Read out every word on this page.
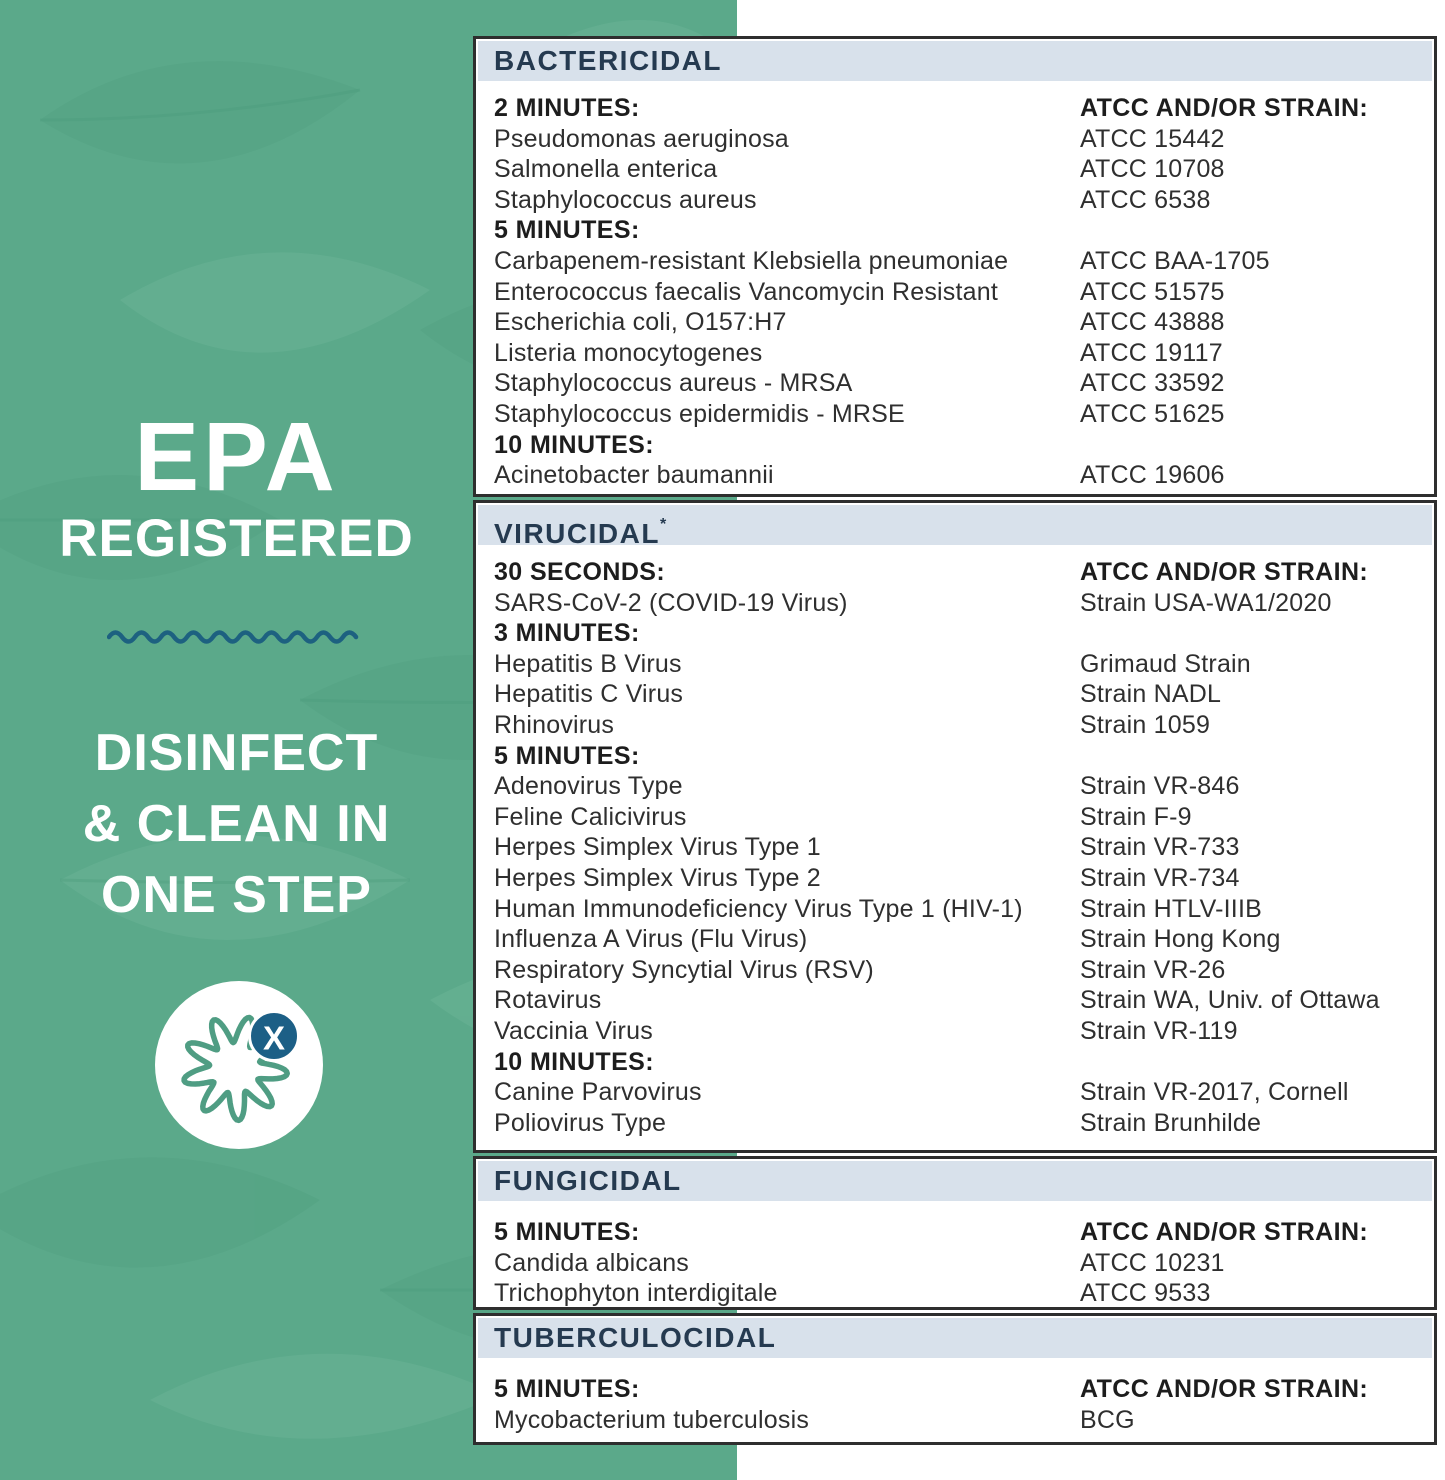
EPA
REGISTERED
DISINFECT
& CLEAN IN
ONE STEP
X
BACTERICIDAL
2 MINUTES:	ATCC AND/OR STRAIN:
Pseudomonas aeruginosa	ATCC 15442
Salmonella enterica	ATCC 10708
Staphylococcus aureus	ATCC 6538
5 MINUTES:
Carbapenem-resistant Klebsiella pneumoniae	ATCC BAA-1705
Enterococcus faecalis Vancomycin Resistant	ATCC 51575
Escherichia coli, O157:H7	ATCC 43888
Listeria monocytogenes	ATCC 19117
Staphylococcus aureus - MRSA	ATCC 33592
Staphylococcus epidermidis - MRSE	ATCC 51625
10 MINUTES:
Acinetobacter baumannii	ATCC 19606
VIRUCIDAL*
30 SECONDS:	ATCC AND/OR STRAIN:
SARS-CoV-2 (COVID-19 Virus)	Strain USA-WA1/2020
3 MINUTES:
Hepatitis B Virus	Grimaud Strain
Hepatitis C Virus	Strain NADL
Rhinovirus	Strain 1059
5 MINUTES:
Adenovirus Type	Strain VR-846
Feline Calicivirus	Strain F-9
Herpes Simplex Virus Type 1	Strain VR-733
Herpes Simplex Virus Type 2	Strain VR-734
Human Immunodeficiency Virus Type 1 (HIV-1)	Strain HTLV-IIIB
Influenza A Virus (Flu Virus)	Strain Hong Kong
Respiratory Syncytial Virus (RSV)	Strain VR-26
Rotavirus	Strain WA, Univ. of Ottawa
Vaccinia Virus	Strain VR-119
10 MINUTES:
Canine Parvovirus	Strain VR-2017, Cornell
Poliovirus Type	Strain Brunhilde
FUNGICIDAL
5 MINUTES:	ATCC AND/OR STRAIN:
Candida albicans	ATCC 10231
Trichophyton interdigitale	ATCC 9533
TUBERCULOCIDAL
5 MINUTES:	ATCC AND/OR STRAIN:
Mycobacterium tuberculosis	BCG
